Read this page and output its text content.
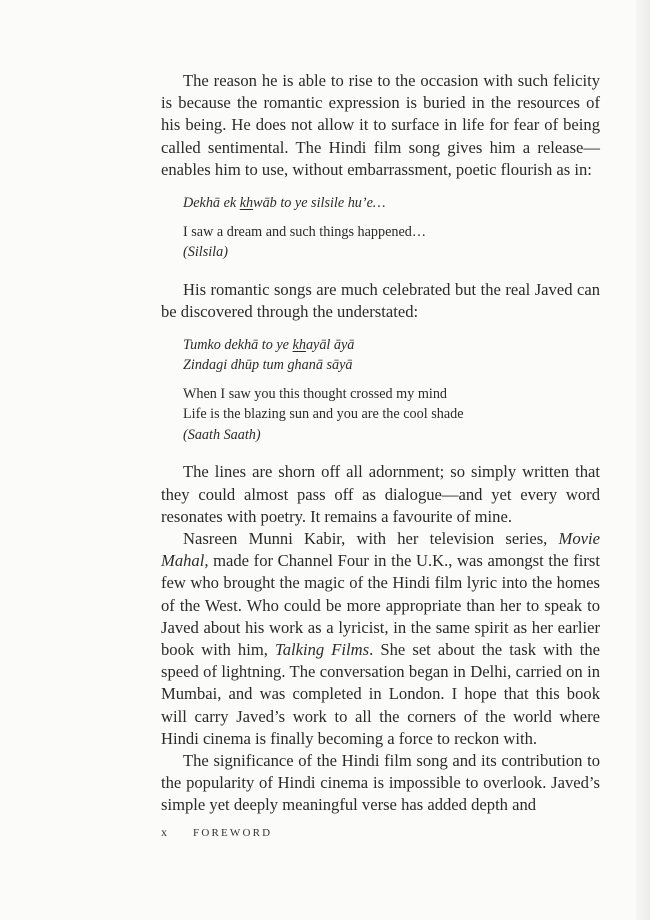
The reason he is able to rise to the occasion with such felicity is because the romantic expression is buried in the resources of his being. He does not allow it to surface in life for fear of being called sentimental. The Hindi film song gives him a release—enables him to use, without embarrassment, poetic flourish as in:

Dekhā ek khwāb to ye silsile hu’e…
I saw a dream and such things happened…
(Silsila)

His romantic songs are much celebrated but the real Javed can be discovered through the understated:

Tumko dekhā to ye khayāl āyā
Zindagi dhūp tum ghanā sāyā
When I saw you this thought crossed my mind
Life is the blazing sun and you are the cool shade
(Saath Saath)

The lines are shorn off all adornment; so simply written that they could almost pass off as dialogue—and yet every word resonates with poetry. It remains a favourite of mine.

Nasreen Munni Kabir, with her television series, Movie Mahal, made for Channel Four in the U.K., was amongst the first few who brought the magic of the Hindi film lyric into the homes of the West. Who could be more appropriate than her to speak to Javed about his work as a lyricist, in the same spirit as her earlier book with him, Talking Films. She set about the task with the speed of lightning. The conversation began in Delhi, carried on in Mumbai, and was completed in London. I hope that this book will carry Javed’s work to all the corners of the world where Hindi cinema is finally becoming a force to reckon with.

The significance of the Hindi film song and its contribution to the popularity of Hindi cinema is impossible to overlook. Javed’s simple yet deeply meaningful verse has added depth and

x FOREWORD
